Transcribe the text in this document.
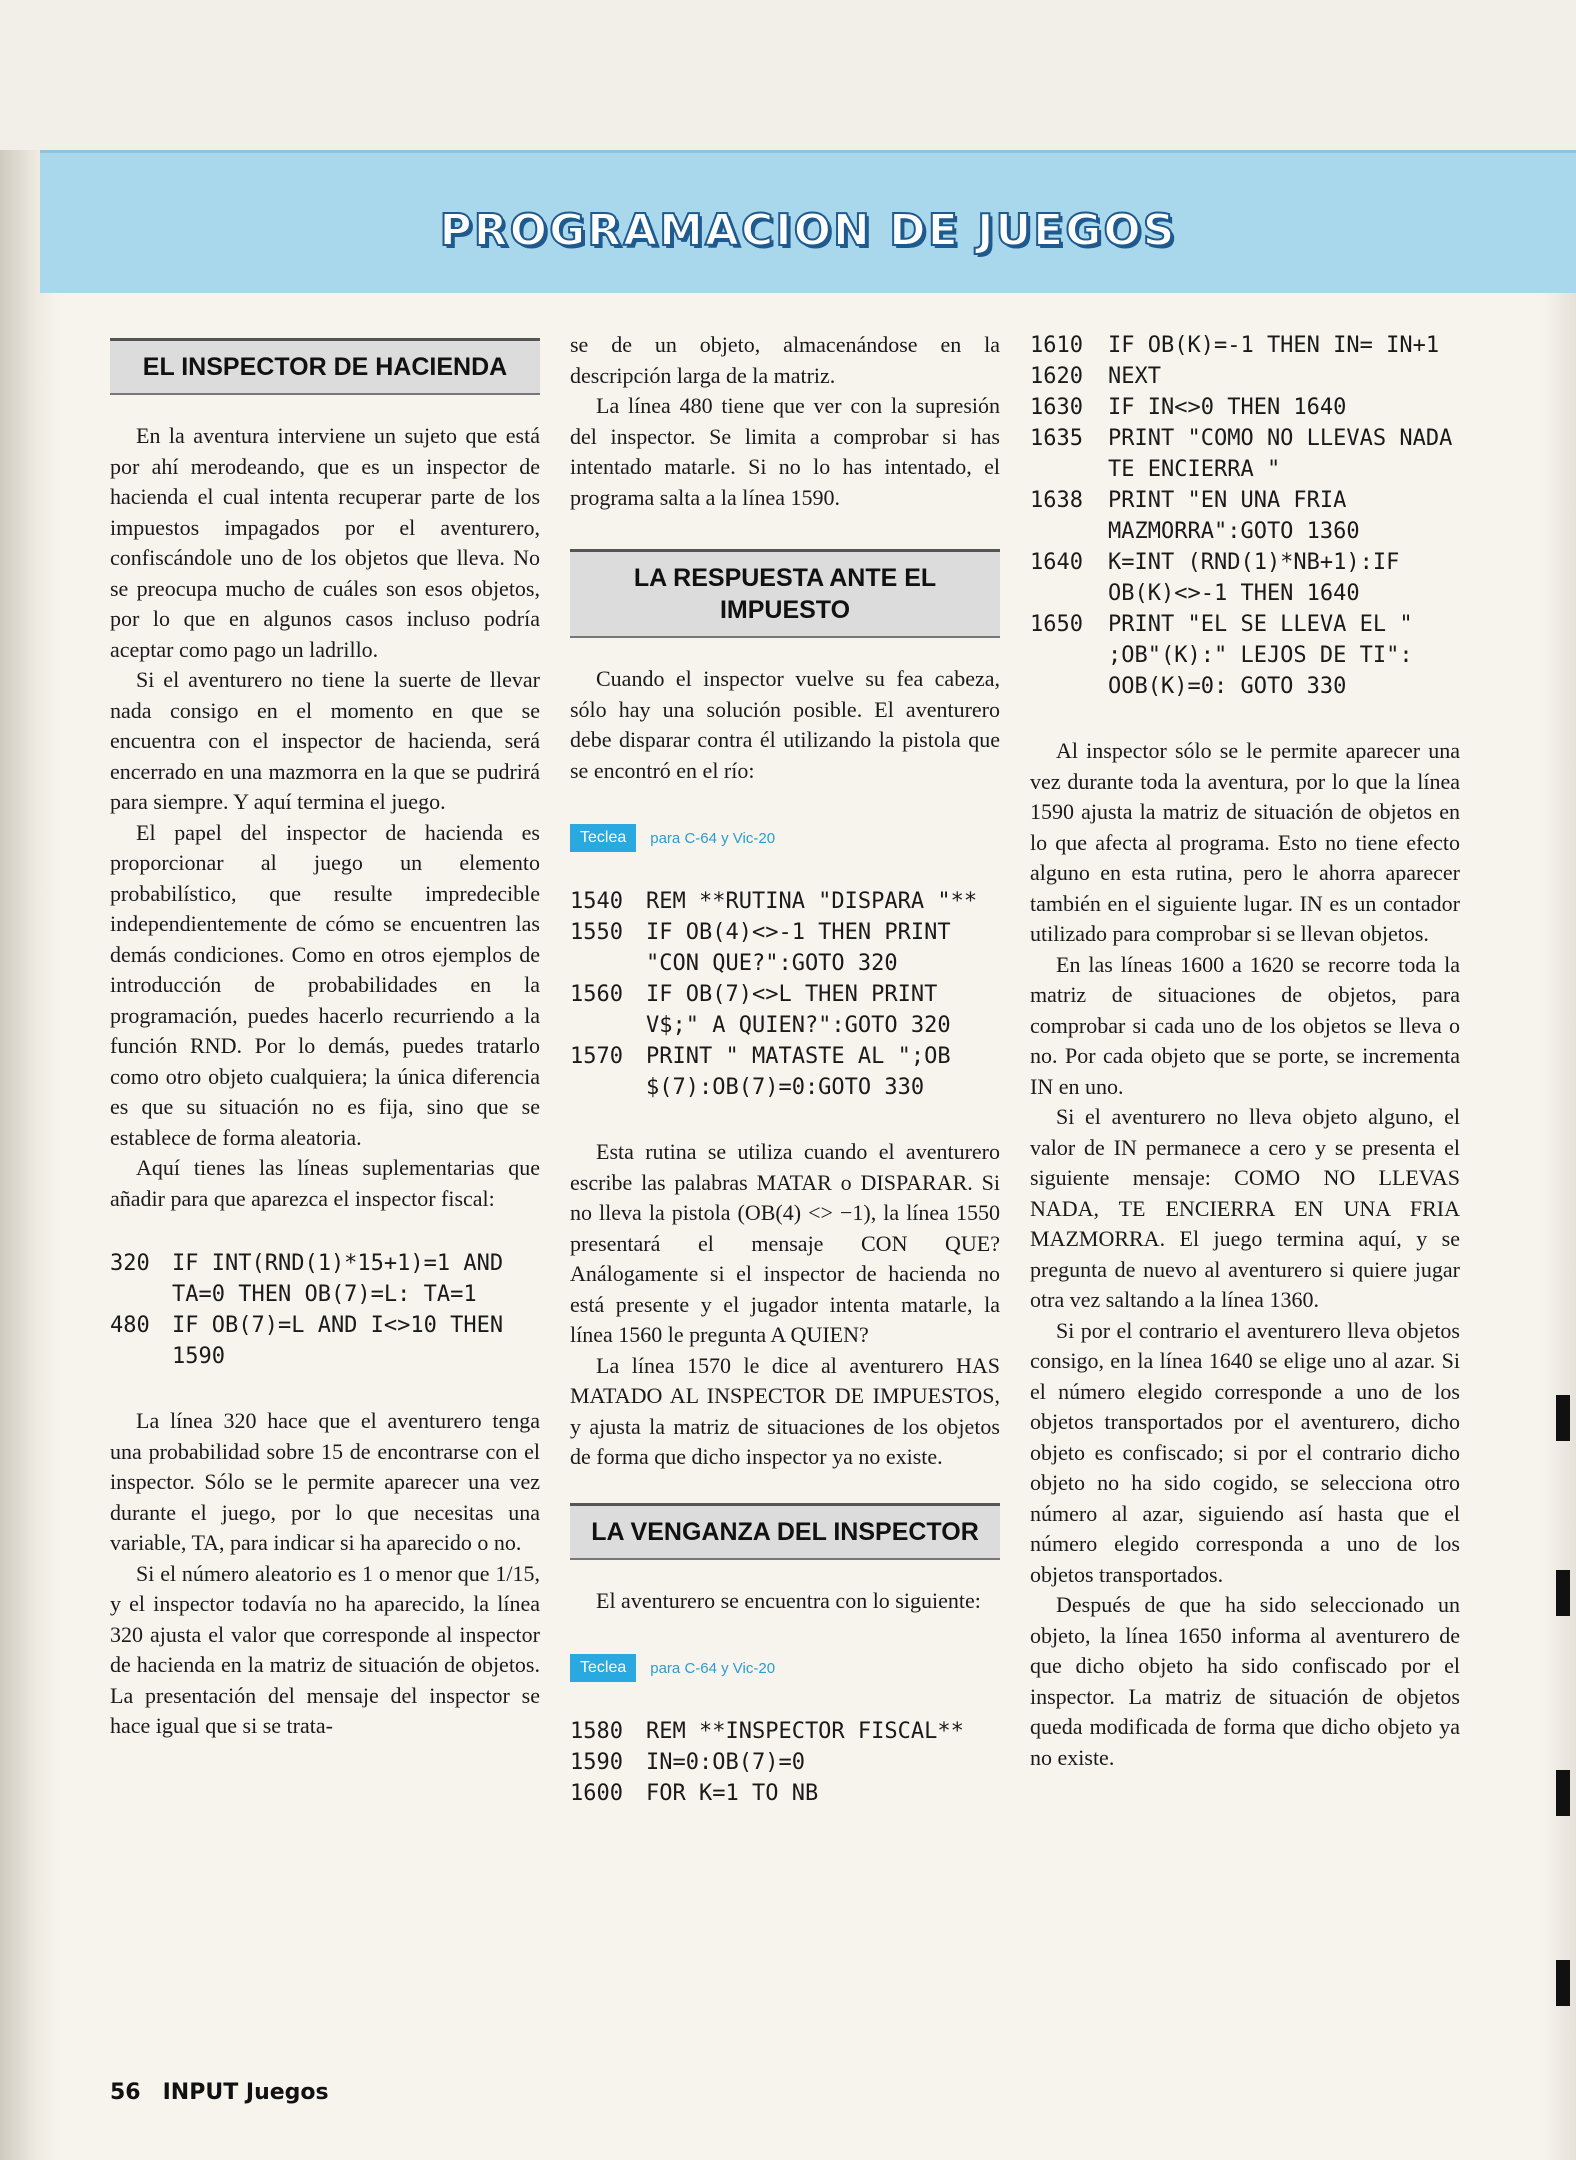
PROGRAMACION DE JUEGOS
EL INSPECTOR DE HACIENDA

En la aventura interviene un sujeto que está por ahí merodeando, que es un inspector de hacienda el cual intenta recuperar parte de los impuestos impagados por el aventurero, confiscándole uno de los objetos que lleva. No se preocupa mucho de cuáles son esos objetos, por lo que en algunos casos incluso podría aceptar como pago un ladrillo.

Si el aventurero no tiene la suerte de llevar nada consigo en el momento en que se encuentra con el inspector de hacienda, será encerrado en una mazmorra en la que se pudrirá para siempre. Y aquí termina el juego.

El papel del inspector de hacienda es proporcionar al juego un elemento probabilístico, que resulte impredecible independientemente de cómo se encuentren las demás condiciones. Como en otros ejemplos de introducción de probabilidades en la programación, puedes hacerlo recurriendo a la función RND. Por lo demás, puedes tratarlo como otro objeto cualquiera; la única diferencia es que su situación no es fija, sino que se establece de forma aleatoria.

Aquí tienes las líneas suplementarias que añadir para que aparezca el inspector fiscal:

320	IF INT(RND(1)*15+1)=1 AND TA=0 THEN OB(7)=L: TA=1
480	IF OB(7)=L AND I<>10 THEN 1590

La línea 320 hace que el aventurero tenga una probabilidad sobre 15 de encontrarse con el inspector. Sólo se le permite aparecer una vez durante el juego, por lo que necesitas una variable, TA, para indicar si ha aparecido o no.

Si el número aleatorio es 1 o menor que 1/15, y el inspector todavía no ha aparecido, la línea 320 ajusta el valor que corresponde al inspector de hacienda en la matriz de situación de objetos. La presentación del mensaje del inspector se hace igual que si se trata-

se de un objeto, almacenándose en la descripción larga de la matriz.

La línea 480 tiene que ver con la supresión del inspector. Se limita a comprobar si has intentado matarle. Si no lo has intentado, el programa salta a la línea 1590.

LA RESPUESTA ANTE EL IMPUESTO

Cuando el inspector vuelve su fea cabeza, sólo hay una solución posible. El aventurero debe disparar contra él utilizando la pistola que se encontró en el río:

Teclea	para C-64 y Vic-20
1540	REM **RUTINA "DISPARA "**
1550	IF OB(4)<>-1 THEN PRINT "CON QUE?":GOTO 320
1560	IF OB(7)<>L THEN PRINT V$;" A QUIEN?":GOTO 320
1570	PRINT " MATASTE AL ";OB $(7):OB(7)=0:GOTO 330

Esta rutina se utiliza cuando el aventurero escribe las palabras MATAR o DISPARAR. Si no lleva la pistola (OB(4) <> −1), la línea 1550 presentará el mensaje CON QUE? Análogamente si el inspector de hacienda no está presente y el jugador intenta matarle, la línea 1560 le pregunta A QUIEN?

La línea 1570 le dice al aventurero HAS MATADO AL INSPECTOR DE IMPUESTOS, y ajusta la matriz de situaciones de los objetos de forma que dicho inspector ya no existe.

LA VENGANZA DEL INSPECTOR

El aventurero se encuentra con lo siguiente:

Teclea	para C-64 y Vic-20
1580	REM **INSPECTOR FISCAL**
1590	IN=0:OB(7)=0
1600	FOR K=1 TO NB
1610	IF OB(K)=-1 THEN IN= IN+1
1620	NEXT
1630	IF IN<>0 THEN 1640
1635	PRINT "COMO NO LLEVAS NADA TE ENCIERRA "
1638	PRINT "EN UNA FRIA MAZMORRA":GOTO 1360
1640	K=INT (RND(1)*NB+1):IF OB(K)<>-1 THEN 1640
1650	PRINT "EL SE LLEVA EL " ;OB"(K):" LEJOS DE TI": OOB(K)=0: GOTO 330

Al inspector sólo se le permite aparecer una vez durante toda la aventura, por lo que la línea 1590 ajusta la matriz de situación de objetos en lo que afecta al programa. Esto no tiene efecto alguno en esta rutina, pero le ahorra aparecer también en el siguiente lugar. IN es un contador utilizado para comprobar si se llevan objetos.

En las líneas 1600 a 1620 se recorre toda la matriz de situaciones de objetos, para comprobar si cada uno de los objetos se lleva o no. Por cada objeto que se porte, se incrementa IN en uno.

Si el aventurero no lleva objeto alguno, el valor de IN permanece a cero y se presenta el siguiente mensaje: COMO NO LLEVAS NADA, TE ENCIERRA EN UNA FRIA MAZMORRA. El juego termina aquí, y se pregunta de nuevo al aventurero si quiere jugar otra vez saltando a la línea 1360.

Si por el contrario el aventurero lleva objetos consigo, en la línea 1640 se elige uno al azar. Si el número elegido corresponde a uno de los objetos transportados por el aventurero, dicho objeto es confiscado; si por el contrario dicho objeto no ha sido cogido, se selecciona otro número al azar, siguiendo así hasta que el número elegido corresponda a uno de los objetos transportados.

Después de que ha sido seleccionado un objeto, la línea 1650 informa al aventurero de que dicho objeto ha sido confiscado por el inspector. La matriz de situación de objetos queda modificada de forma que dicho objeto ya no existe.

56 INPUT Juegos
